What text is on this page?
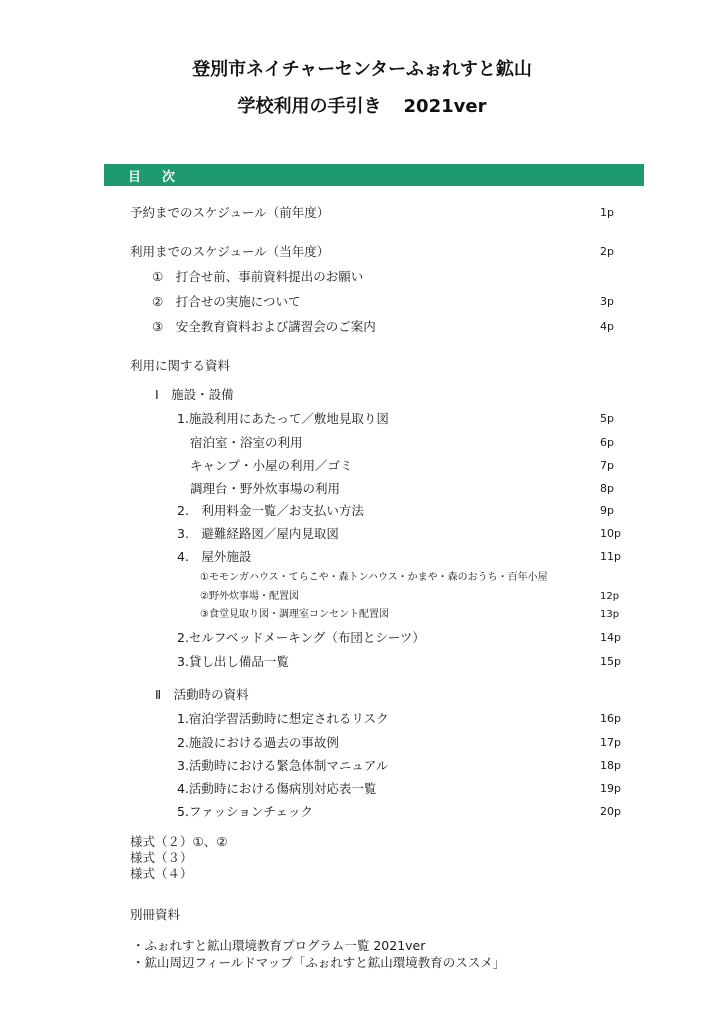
登別市ネイチャーセンターふぉれすと鉱山
学校利用の手引き 2021ver
目　次
予約までのスケジュール（前年度）	1p
利用までのスケジュール（当年度）	2p
①　打合せ前、事前資料提出のお願い
②　打合せの実施について	3p
③　安全教育資料および講習会のご案内	4p
利用に関する資料
Ⅰ　施設・設備
1.施設利用にあたって／敷地見取り図	5p
宿泊室・浴室の利用	6p
キャンプ・小屋の利用／ゴミ	7p
調理台・野外炊事場の利用	8p
2.　利用料金一覧／お支払い方法	9p
3.　避難経路図／屋内見取図	10p
4.　屋外施設	11p
①モモンガハウス・てらこや・森トンハウス・かまや・森のおうち・百年小屋
②野外炊事場・配置図	12p
③食堂見取り図・調理室コンセント配置図	13p
2.セルフベッドメーキング（布団とシーツ）	14p
3.貸し出し備品一覧	15p
Ⅱ　活動時の資料
1.宿泊学習活動時に想定されるリスク	16p
2.施設における過去の事故例	17p
3.活動時における緊急体制マニュアル	18p
4.活動時における傷病別対応表一覧	19p
5.ファッションチェック	20p
様式（２）①、②
様式（３）
様式（４）
別冊資料
・ふぉれすと鉱山環境教育プログラム一覧 2021ver
・鉱山周辺フィールドマップ「ふぉれすと鉱山環境教育のススメ」
